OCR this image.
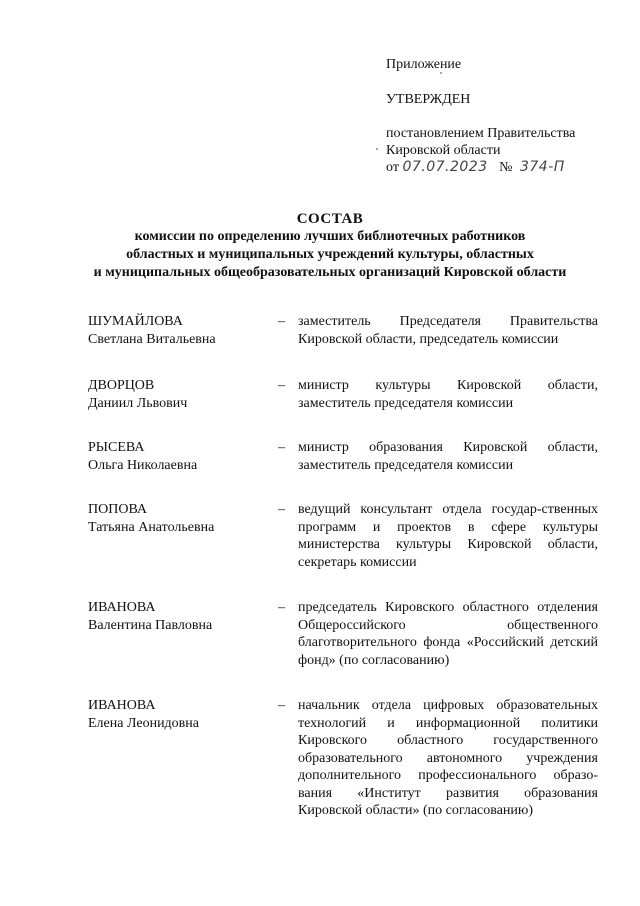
Приложение
УТВЕРЖДЕН
постановлением Правительства
Кировской области
от 07.07.2023 № 374-П
СОСТАВ
комиссии по определению лучших библиотечных работников
областных и муниципальных учреждений культуры, областных
и муниципальных общеобразовательных организаций Кировской области
ШУМАЙЛОВА
Светлана Витальевна
– заместитель Председателя Правительства Кировской области, председатель комиссии
ДВОРЦОВ
Даниил Львович
– министр культуры Кировской области, заместитель председателя комиссии
РЫСЕВА
Ольга Николаевна
– министр образования Кировской области, заместитель председателя комиссии
ПОПОВА
Татьяна Анатольевна
– ведущий консультант отдела государ-ственных программ и проектов в сфере культуры министерства культуры Кировской области, секретарь комиссии
ИВАНОВА
Валентина Павловна
– председатель Кировского областного отделения Общероссийского общественного благотворительного фонда «Российский детский фонд» (по согласованию)
ИВАНОВА
Елена Леонидовна
– начальник отдела цифровых образовательных технологий и информационной политики Кировского областного государственного образовательного автономного учреждения дополнительного профессионального образо-вания «Институт развития образования Кировской области» (по согласованию)
